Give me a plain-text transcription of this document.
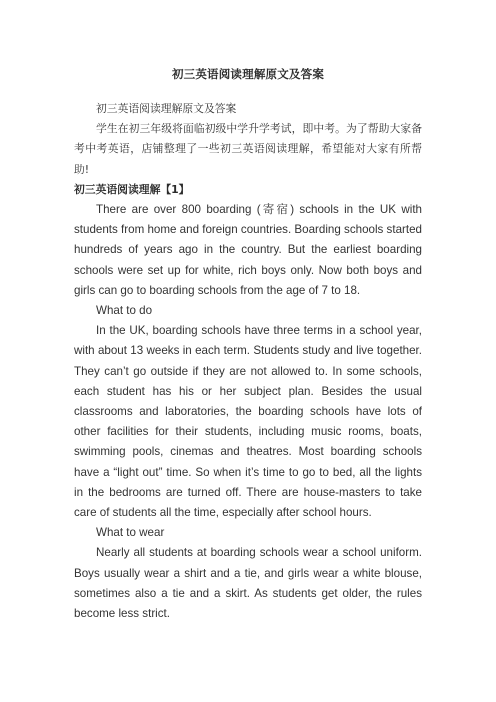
初三英语阅读理解原文及答案

初三英语阅读理解原文及答案

学生在初三年级将面临初级中学升学考试，即中考。为了帮助大家备考中考英语，店铺整理了一些初三英语阅读理解，希望能对大家有所帮助!

初三英语阅读理解【1】

There are over 800 boarding (寄宿) schools in the UK with students from home and foreign countries. Boarding schools started hundreds of years ago in the country. But the earliest boarding schools were set up for white, rich boys only. Now both boys and girls can go to boarding schools from the age of 7 to 18.

What to do

In the UK, boarding schools have three terms in a school year, with about 13 weeks in each term. Students study and live together. They can’t go outside if they are not allowed to. In some schools, each student has his or her subject plan. Besides the usual classrooms and laboratories, the boarding schools have lots of other facilities for their students, including music rooms, boats, swimming pools, cinemas and theatres. Most boarding schools have a “light out” time. So when it’s time to go to bed, all the lights in the bedrooms are turned off. There are house-masters to take care of students all the time, especially after school hours.

What to wear

Nearly all students at boarding schools wear a school uniform. Boys usually wear a shirt and a tie, and girls wear a white blouse, sometimes also a tie and a skirt. As students get older, the rules become less strict.
